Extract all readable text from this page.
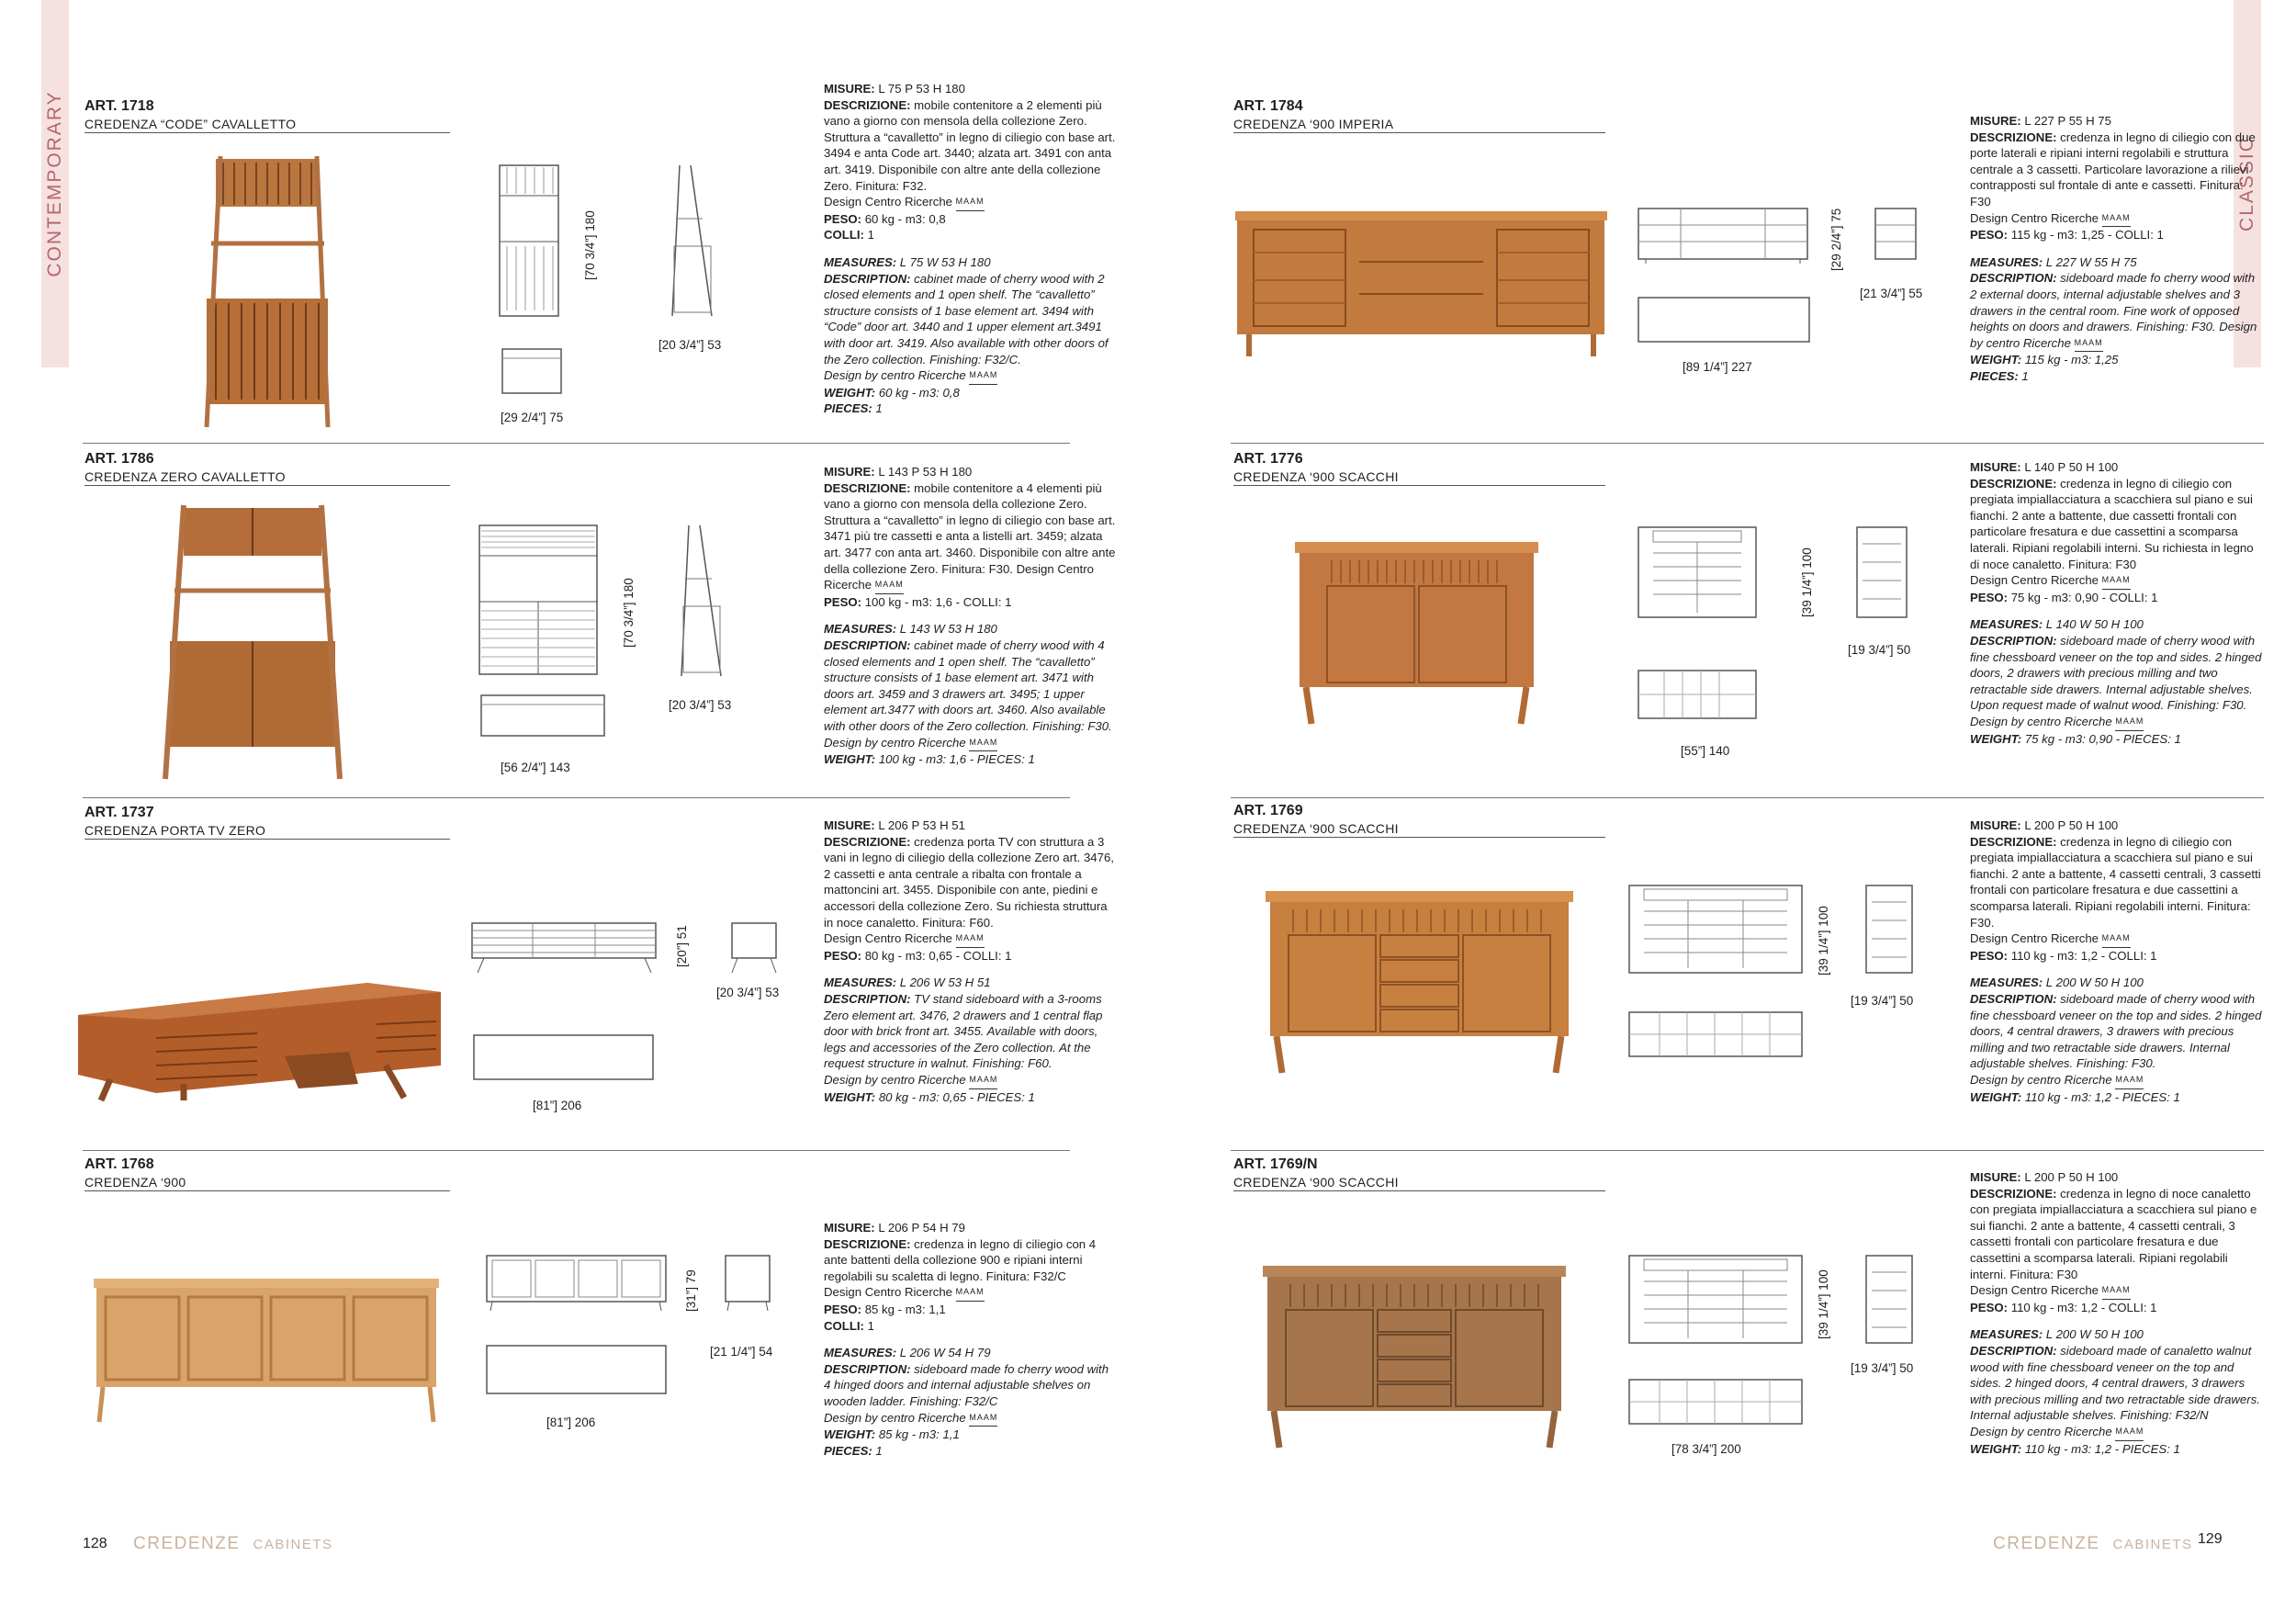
CONTEMPORARY	CLASSIC
ART. 1718
CREDENZA “CODE” CAVALLETTO
[70 3/4”] 180
[20 3/4”] 53
[29 2/4”] 75

MISURE: L 75 P 53 H 180
DESCRIZIONE: mobile contenitore a 2 elementi più vano a giorno con mensola della collezione Zero. Struttura a “cavalletto” in legno di ciliegio con base art. 3494 e anta Code art. 3440; alzata art. 3491 con anta art. 3419. Disponibile con altre ante della collezione Zero. Finitura: F32.
Design Centro Ricerche MAAM
PESO: 60 kg - m3: 0,8
COLLI: 1

MEASURES: L 75 W 53 H 180
DESCRIPTION: cabinet made of cherry wood with 2 closed elements and 1 open shelf. The “cavalletto” structure consists of 1 base element art. 3494 with “Code” door art. 3440 and 1 upper element art.3491 with door art. 3419. Also available with other doors of the Zero collection. Finishing: F32/C.
Design by centro Ricerche MAAM
WEIGHT: 60 kg - m3: 0,8
PIECES: 1

ART. 1786
CREDENZA ZERO CAVALLETTO
[70 3/4”] 180
[20 3/4”] 53
[56 2/4”] 143

MISURE: L 143 P 53 H 180
DESCRIZIONE: mobile contenitore a 4 elementi più vano a giorno con mensola della collezione Zero. Struttura a “cavalletto” in legno di ciliegio con base art. 3471 più tre cassetti e anta a listelli art. 3459; alzata art. 3477 con anta art. 3460. Disponibile con altre ante della collezione Zero. Finitura: F30. Design Centro Ricerche MAAM
PESO: 100 kg - m3: 1,6 - COLLI: 1

MEASURES: L 143 W 53 H 180
DESCRIPTION: cabinet made of cherry wood with 4 closed elements and 1 open shelf. The “cavalletto” structure consists of 1 base element art. 3471 with doors art. 3459 and 3 drawers art. 3495; 1 upper element art.3477 with doors art. 3460. Also available with other doors of the Zero collection. Finishing: F30.
Design by centro Ricerche MAAM
WEIGHT: 100 kg - m3: 1,6 - PIECES: 1

ART. 1737
CREDENZA PORTA TV ZERO
[20”] 51
[20 3/4”] 53
[81”] 206

MISURE: L 206 P 53 H 51
DESCRIZIONE: credenza porta TV con struttura a 3 vani in legno di ciliegio della collezione Zero art. 3476, 2 cassetti e anta centrale a ribalta con frontale a mattoncini art. 3455. Disponibile con ante, piedini e accessori della collezione Zero. Su richiesta struttura in noce canaletto. Finitura: F60.
Design Centro Ricerche MAAM
PESO: 80 kg - m3: 0,65 - COLLI: 1

MEASURES: L 206 W 53 H 51
DESCRIPTION: TV stand sideboard with a 3-rooms Zero element art. 3476, 2 drawers and 1 central flap door with brick front art. 3455. Available with doors, legs and accessories of the Zero collection. At the request structure in walnut. Finishing: F60.
Design by centro Ricerche MAAM
WEIGHT: 80 kg - m3: 0,65 - PIECES: 1

ART. 1768
CREDENZA ‘900
[31”] 79
[21 1/4”] 54
[81”] 206

MISURE: L 206 P 54 H 79
DESCRIZIONE: credenza in legno di ciliegio con 4 ante battenti della collezione 900 e ripiani interni regolabili su scaletta di legno. Finitura: F32/C
Design Centro Ricerche MAAM
PESO: 85 kg - m3: 1,1
COLLI: 1

MEASURES: L 206 W 54 H 79
DESCRIPTION: sideboard made fo cherry wood with 4 hinged doors and internal adjustable shelves on wooden ladder. Finishing: F32/C
Design by centro Ricerche MAAM
WEIGHT: 85 kg - m3: 1,1
PIECES: 1

ART. 1784
CREDENZA ‘900 IMPERIA
[29 2/4”] 75
[21 3/4”] 55
[89 1/4”] 227

MISURE: L 227 P 55 H 75
DESCRIZIONE: credenza in legno di ciliegio con due porte laterali e ripiani interni regolabili e struttura centrale a 3 cassetti. Particolare lavorazione a rilievi contrapposti sul frontale di ante e cassetti. Finitura: F30
Design Centro Ricerche MAAM
PESO: 115 kg - m3: 1,25 - COLLI: 1

MEASURES: L 227 W 55 H 75
DESCRIPTION: sideboard made fo cherry wood with 2 external doors, internal adjustable shelves and 3 drawers in the central room. Fine work of opposed heights on doors and drawers. Finishing: F30. Design by centro Ricerche MAAM
WEIGHT: 115 kg - m3: 1,25
PIECES: 1

ART. 1776
CREDENZA ‘900 SCACCHI
[39 1/4”] 100
[19 3/4”] 50
[55”] 140

MISURE: L 140 P 50 H 100
DESCRIZIONE: credenza in legno di ciliegio con pregiata impiallacciatura a scacchiera sul piano e sui fianchi. 2 ante a battente, due cassetti frontali con particolare fresatura e due cassettini a scomparsa laterali. Ripiani regolabili interni. Su richiesta in legno di noce canaletto. Finitura: F30
Design Centro Ricerche MAAM
PESO: 75 kg - m3: 0,90 - COLLI: 1

MEASURES: L 140 W 50 H 100
DESCRIPTION: sideboard made of cherry wood with fine chessboard veneer on the top and sides. 2 hinged doors, 2 drawers with precious milling and two retractable side drawers. Internal adjustable shelves. Upon request made of walnut wood. Finishing: F30. Design by centro Ricerche MAAM
WEIGHT: 75 kg - m3: 0,90 - PIECES: 1

ART. 1769
CREDENZA ‘900 SCACCHI
[39 1/4”] 100
[19 3/4”] 50

MISURE: L 200 P 50 H 100
DESCRIZIONE: credenza in legno di ciliegio con pregiata impiallacciatura a scacchiera sul piano e sui fianchi. 2 ante a battente, 4 cassetti centrali, 3 cassetti frontali con particolare fresatura e due cassettini a scomparsa laterali. Ripiani regolabili interni. Finitura: F30.
Design Centro Ricerche MAAM
PESO: 110 kg - m3: 1,2 - COLLI: 1

MEASURES: L 200 W 50 H 100
DESCRIPTION: sideboard made of cherry wood with fine chessboard veneer on the top and sides. 2 hinged doors, 4 central drawers, 3 drawers with precious milling and two retractable side drawers. Internal adjustable shelves. Finishing: F30.
Design by centro Ricerche MAAM
WEIGHT: 110 kg - m3: 1,2 - PIECES: 1

ART. 1769/N
CREDENZA ‘900 SCACCHI
[39 1/4”] 100
[19 3/4”] 50
[78 3/4”] 200

MISURE: L 200 P 50 H 100
DESCRIZIONE: credenza in legno di noce canaletto con pregiata impiallacciatura a scacchiera sul piano e sui fianchi. 2 ante a battente, 4 cassetti centrali, 3 cassetti frontali con particolare fresatura e due cassettini a scomparsa laterali. Ripiani regolabili interni. Finitura: F30
Design Centro Ricerche MAAM
PESO: 110 kg - m3: 1,2 - COLLI: 1

MEASURES: L 200 W 50 H 100
DESCRIPTION: sideboard made of canaletto walnut wood with fine chessboard veneer on the top and sides. 2 hinged doors, 4 central drawers, 3 drawers with precious milling and two retractable side drawers. Internal adjustable shelves. Finishing: F32/N
Design by centro Ricerche MAAM
WEIGHT: 110 kg - m3: 1,2 - PIECES: 1

128 CREDENZE CABINETS	CREDENZE CABINETS 129
